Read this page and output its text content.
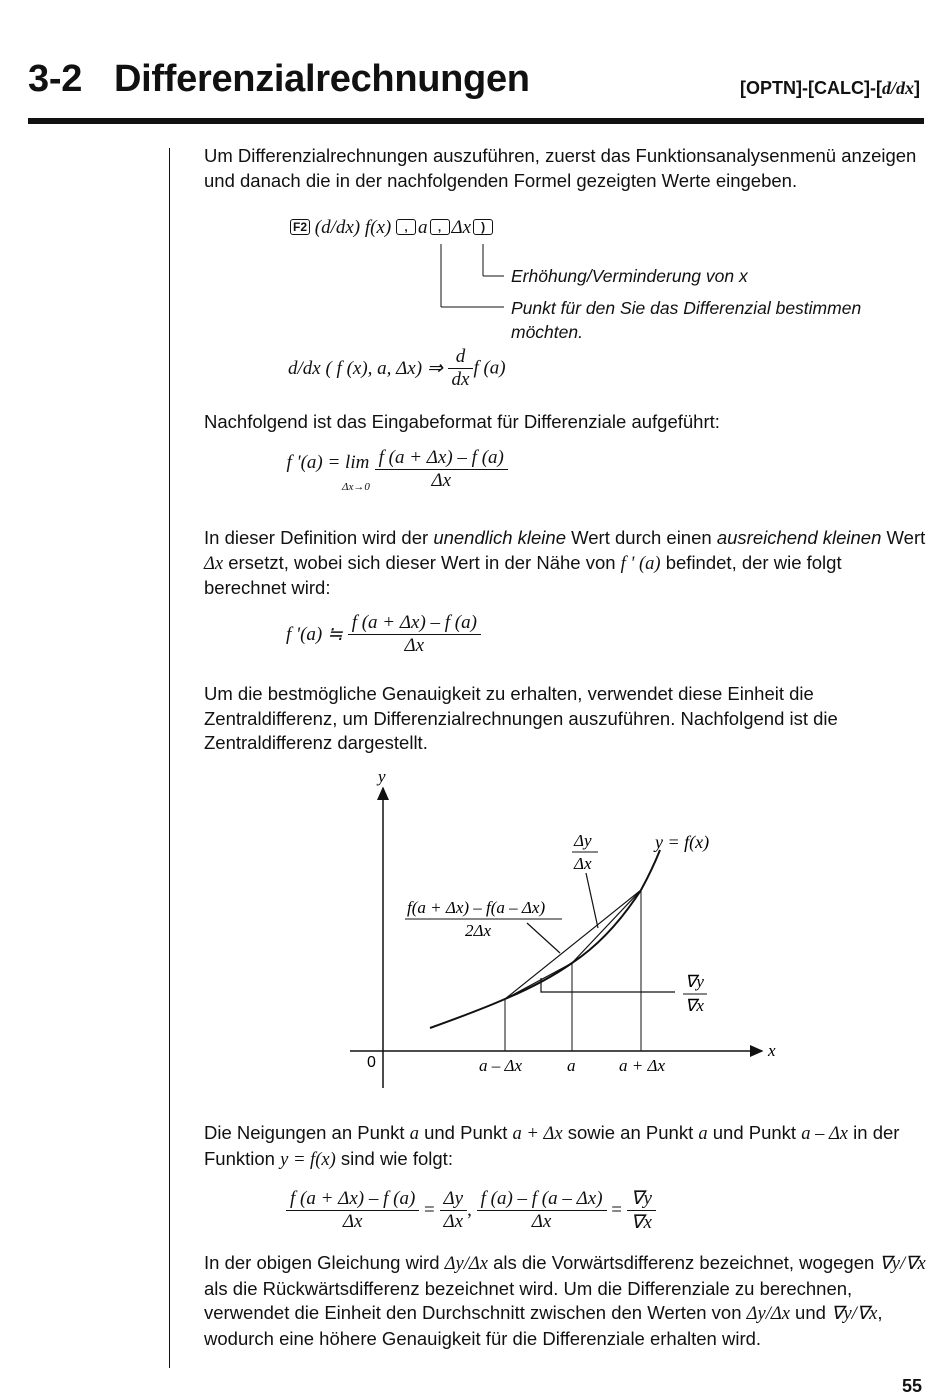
3-2 Differenzialrechnungen	[OPTN]-[CALC]-[d/dx]
Um Differenzialrechnungen auszuführen, zuerst das Funktionsanalysenmenü anzeigen und danach die in der nachfolgenden Formel gezeigten Werte eingeben.
F2 (d/dx) f(x) , a , Δx )
Erhöhung/Verminderung von x
Punkt für den Sie das Differenzial bestimmen
möchten.
d/dx ( f (x), a, Δx) ⇒ $\frac{d}{dx}$ f (a)
Nachfolgend ist das Eingabeformat für Differenziale aufgeführt:
f '(a) = lim
$\Delta x\to 0 \frac{f (a + \Delta x) - f (a)}{\Delta x}$
In dieser Definition wird der unendlich kleine Wert durch einen ausreichend kleinen Wert Δx ersetzt, wobei sich dieser Wert in der Nähe von f ' (a) befindet, der wie folgt berechnet wird:
f '(a) ≒ $\frac{f (a + \Delta x) - f (a)}{\Delta x}$
Um die bestmögliche Genauigkeit zu erhalten, verwendet diese Einheit die Zentraldifferenz, um Differenzialrechnungen auszuführen. Nachfolgend ist die Zentraldifferenz dargestellt.
y
x
0
y = f(x)
Δy
Δx
f(a + Δx) – f(a – Δx)
2Δx
∇y
∇x
a – Δx	a	a + Δx
Die Neigungen an Punkt a und Punkt a + Δx sowie an Punkt a und Punkt a – Δx in der Funktion y = f(x) sind wie folgt:
$\frac{f (a + \Delta x) - f (a)}{\Delta x} = \frac{\Delta y}{\Delta x}$ , $\frac{f (a) - f (a - \Delta x)}{\Delta x} = \frac{\nabla y}{\nabla x}$
In der obigen Gleichung wird Δy/Δx als die Vorwärtsdifferenz bezeichnet, wogegen ∇y/∇x als die Rückwärtsdifferenz bezeichnet wird. Um die Differenziale zu berechnen, verwendet die Einheit den Durchschnitt zwischen den Werten von Δy/Δx und ∇y/∇x, wodurch eine höhere Genauigkeit für die Differenziale erhalten wird.
55
